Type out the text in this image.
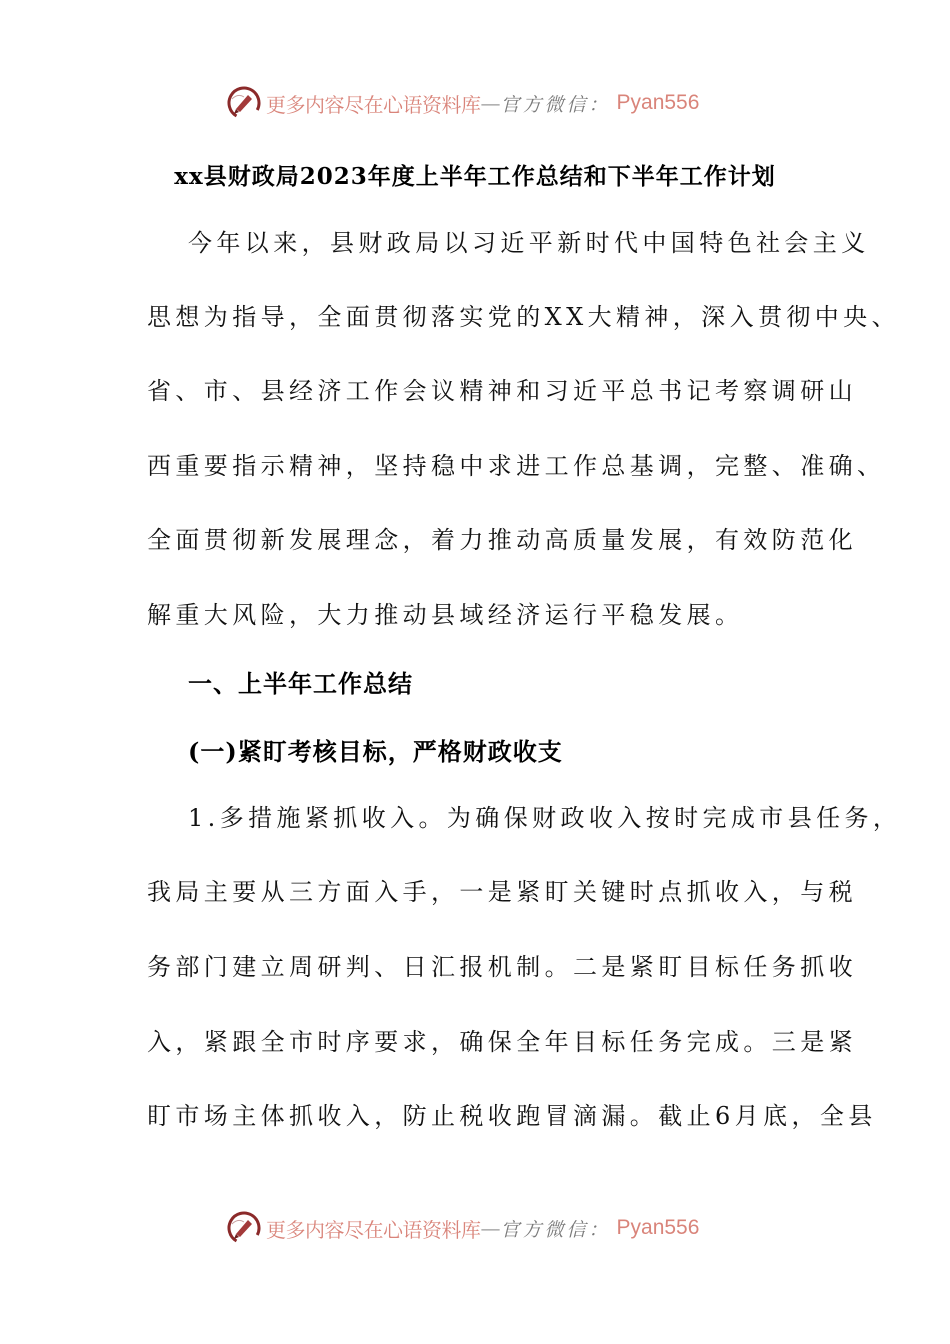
更多内容尽在心语资料库 — 官方微信： Pyan556
xx县财政局2023年度上半年工作总结和下半年工作计划
今年以来，县财政局以习近平新时代中国特色社会主义
思想为指导，全面贯彻落实党的XX大精神，深入贯彻中央、
省、市、县经济工作会议精神和习近平总书记考察调研山
西重要指示精神，坚持稳中求进工作总基调，完整、准确、
全面贯彻新发展理念，着力推动高质量发展，有效防范化
解重大风险，大力推动县域经济运行平稳发展。
一、上半年工作总结
(一)紧盯考核目标，严格财政收支
1.多措施紧抓收入。为确保财政收入按时完成市县任务，
我局主要从三方面入手，一是紧盯关键时点抓收入，与税
务部门建立周研判、日汇报机制。二是紧盯目标任务抓收
入，紧跟全市时序要求，确保全年目标任务完成。三是紧
盯市场主体抓收入，防止税收跑冒滴漏。截止6月底，全县
更多内容尽在心语资料库 — 官方微信： Pyan556
